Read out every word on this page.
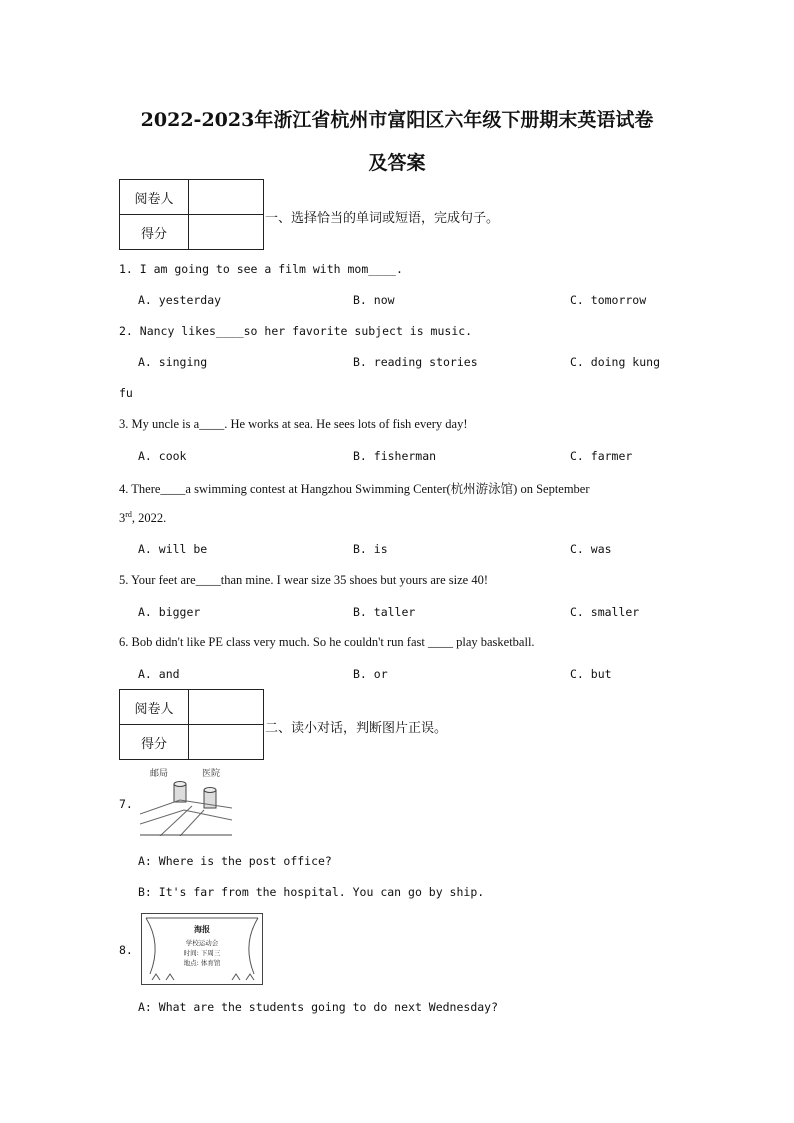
2022-2023年浙江省杭州市富阳区六年级下册期末英语试卷
及答案
阅卷人	
得分	
一、选择恰当的单词或短语，完成句子。
1. I am going to see a film with mom____.
A. yesterday	B. now	C. tomorrow
2. Nancy likes____so her favorite subject is music.
A. singing	B. reading stories	C. doing kung
fu
3. My uncle is a____. He works at sea. He sees lots of fish every day!
A. cook	B. fisherman	C. farmer
4. There____a swimming contest at Hangzhou Swimming Center(杭州游泳馆) on September
3rd, 2022.
A. will be	B. is	C. was
5. Your feet are____than mine. I wear size 35 shoes but yours are size 40!
A. bigger	B. taller	C. smaller
6. Bob didn't like PE class very much. So he couldn't run fast ____ play basketball.
A. and	B. or	C. but
阅卷人	
得分	
二、读小对话，判断图片正误。
7.
邮局	医院
A: Where is the post office?
B: It's far from the hospital. You can go by ship.
8.
海报
学校运动会
时间: 下周三
地点: 体育馆
A: What are the students going to do next Wednesday?
